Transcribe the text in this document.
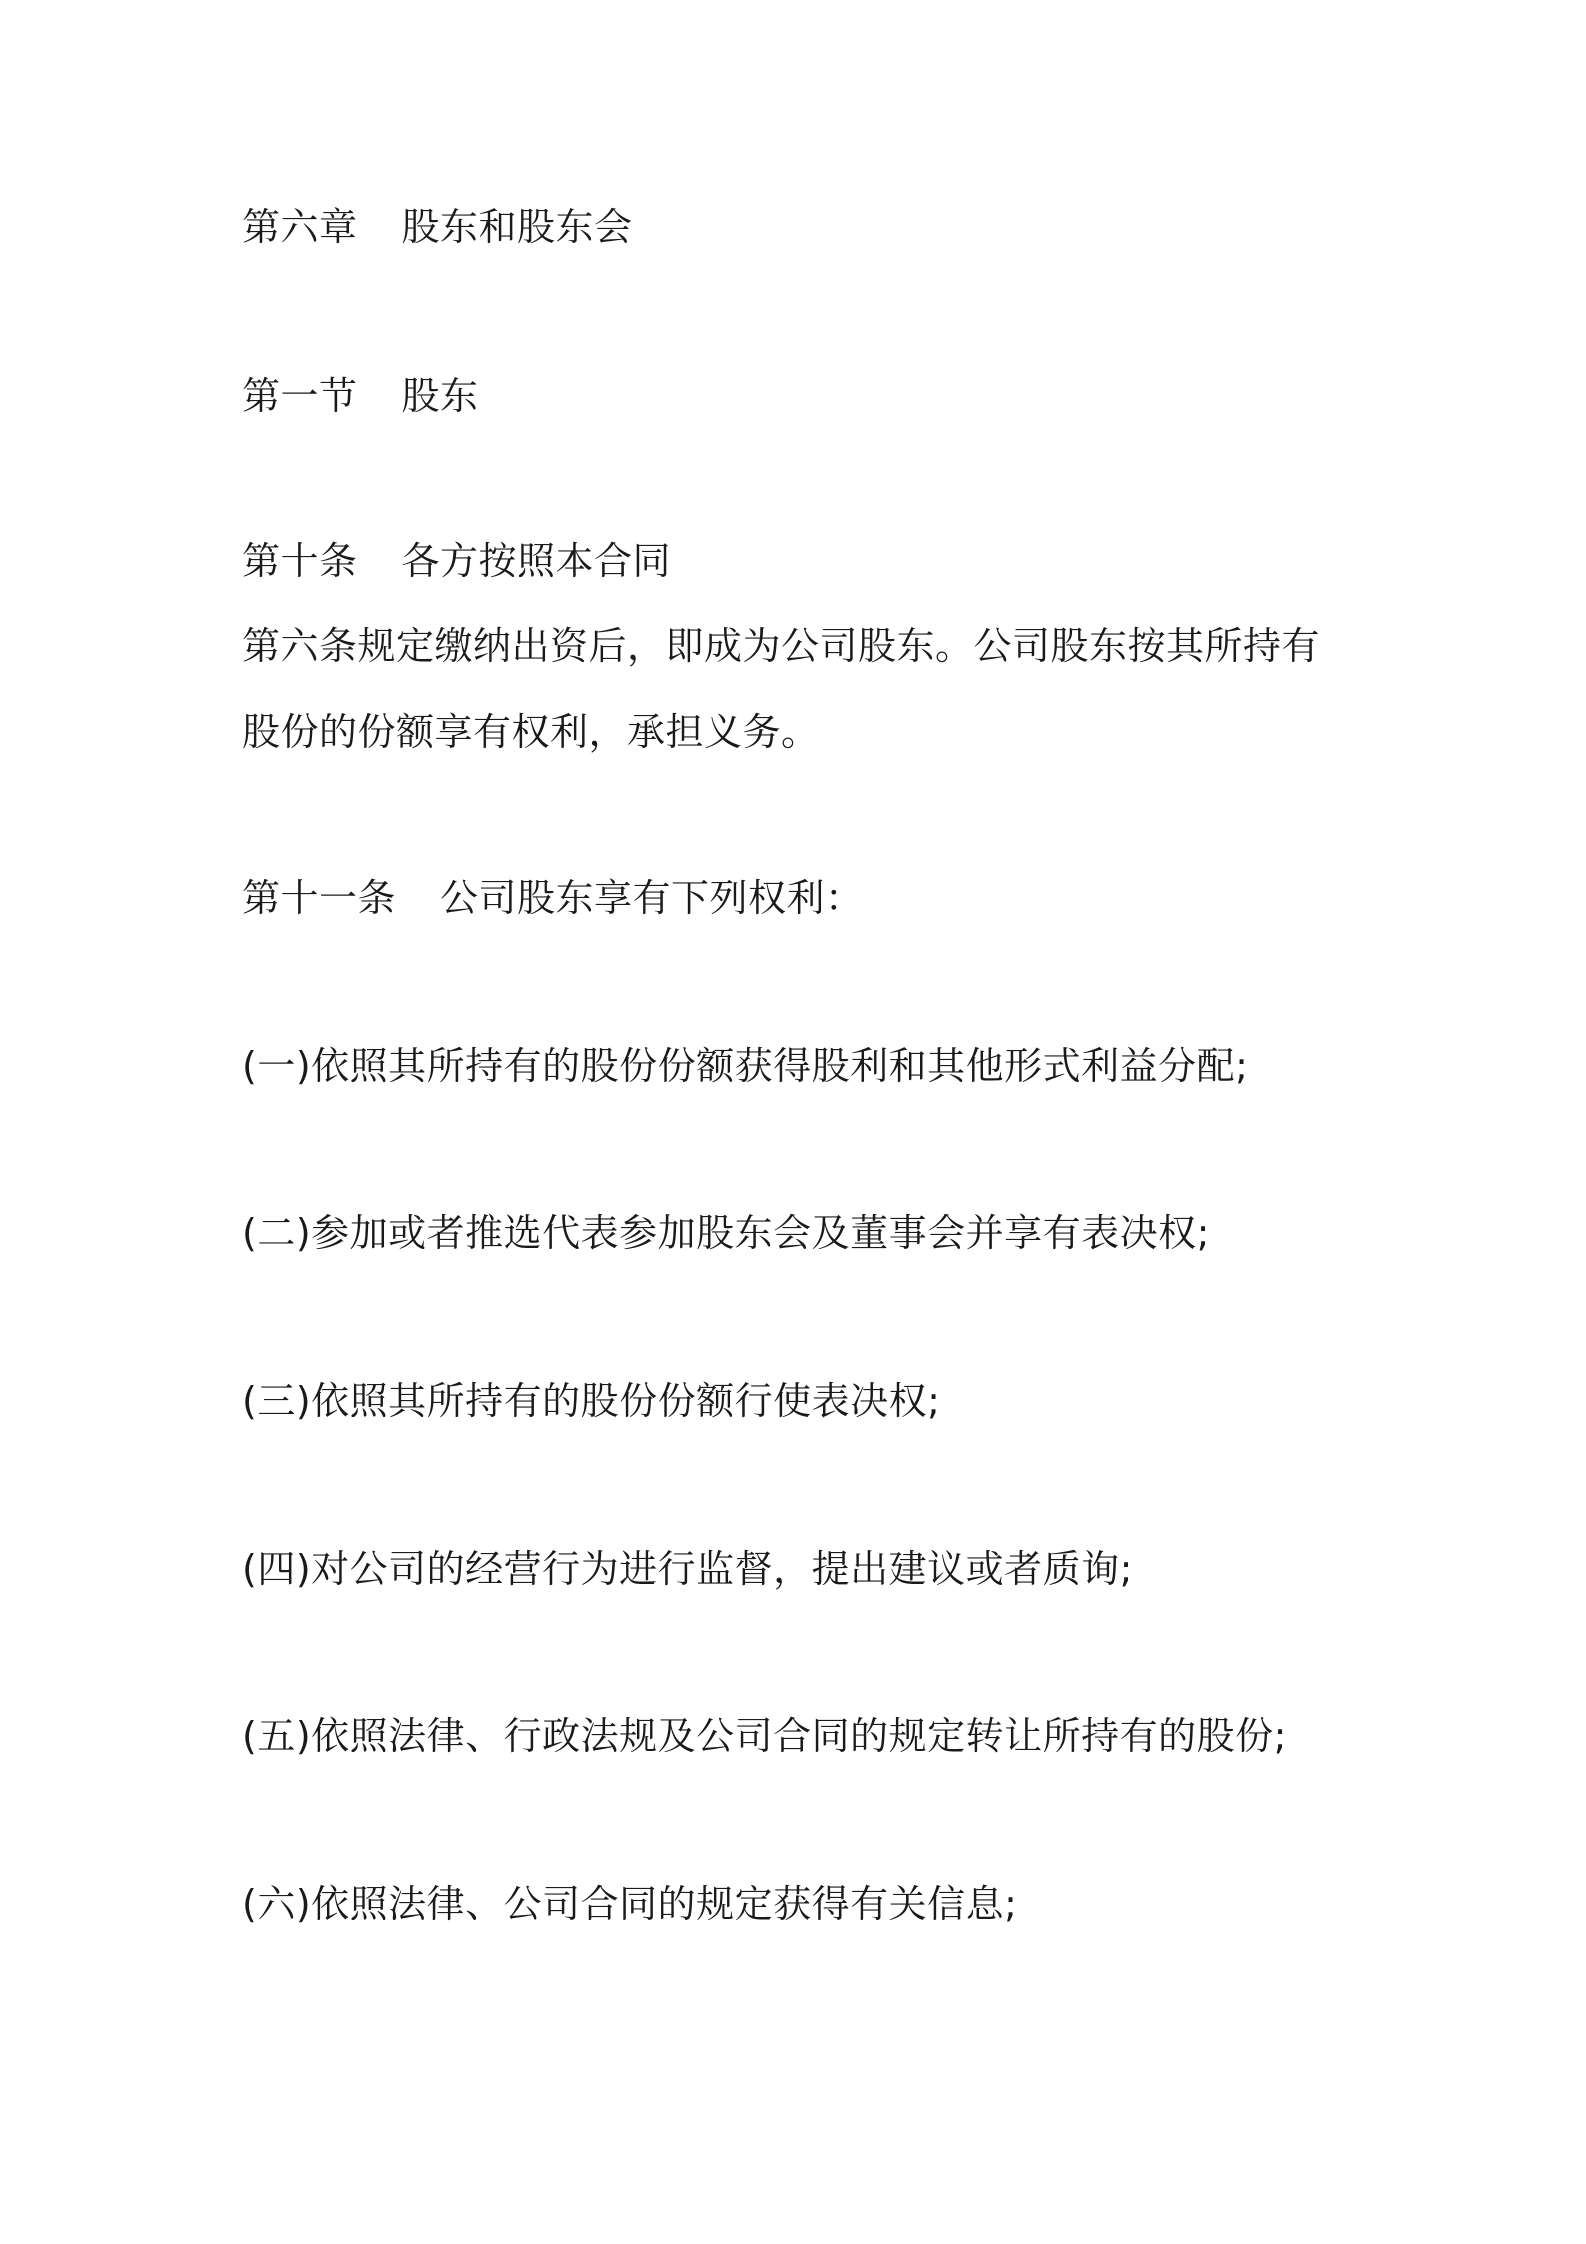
第六章 股东和股东会
第一节 股东
第十条 各方按照本合同
第六条规定缴纳出资后，即成为公司股东。公司股东按其所持有
股份的份额享有权利，承担义务。
第十一条 公司股东享有下列权利：
(一)依照其所持有的股份份额获得股利和其他形式利益分配;
(二)参加或者推选代表参加股东会及董事会并享有表决权;
(三)依照其所持有的股份份额行使表决权;
(四)对公司的经营行为进行监督，提出建议或者质询;
(五)依照法律、行政法规及公司合同的规定转让所持有的股份;
(六)依照法律、公司合同的规定获得有关信息;
